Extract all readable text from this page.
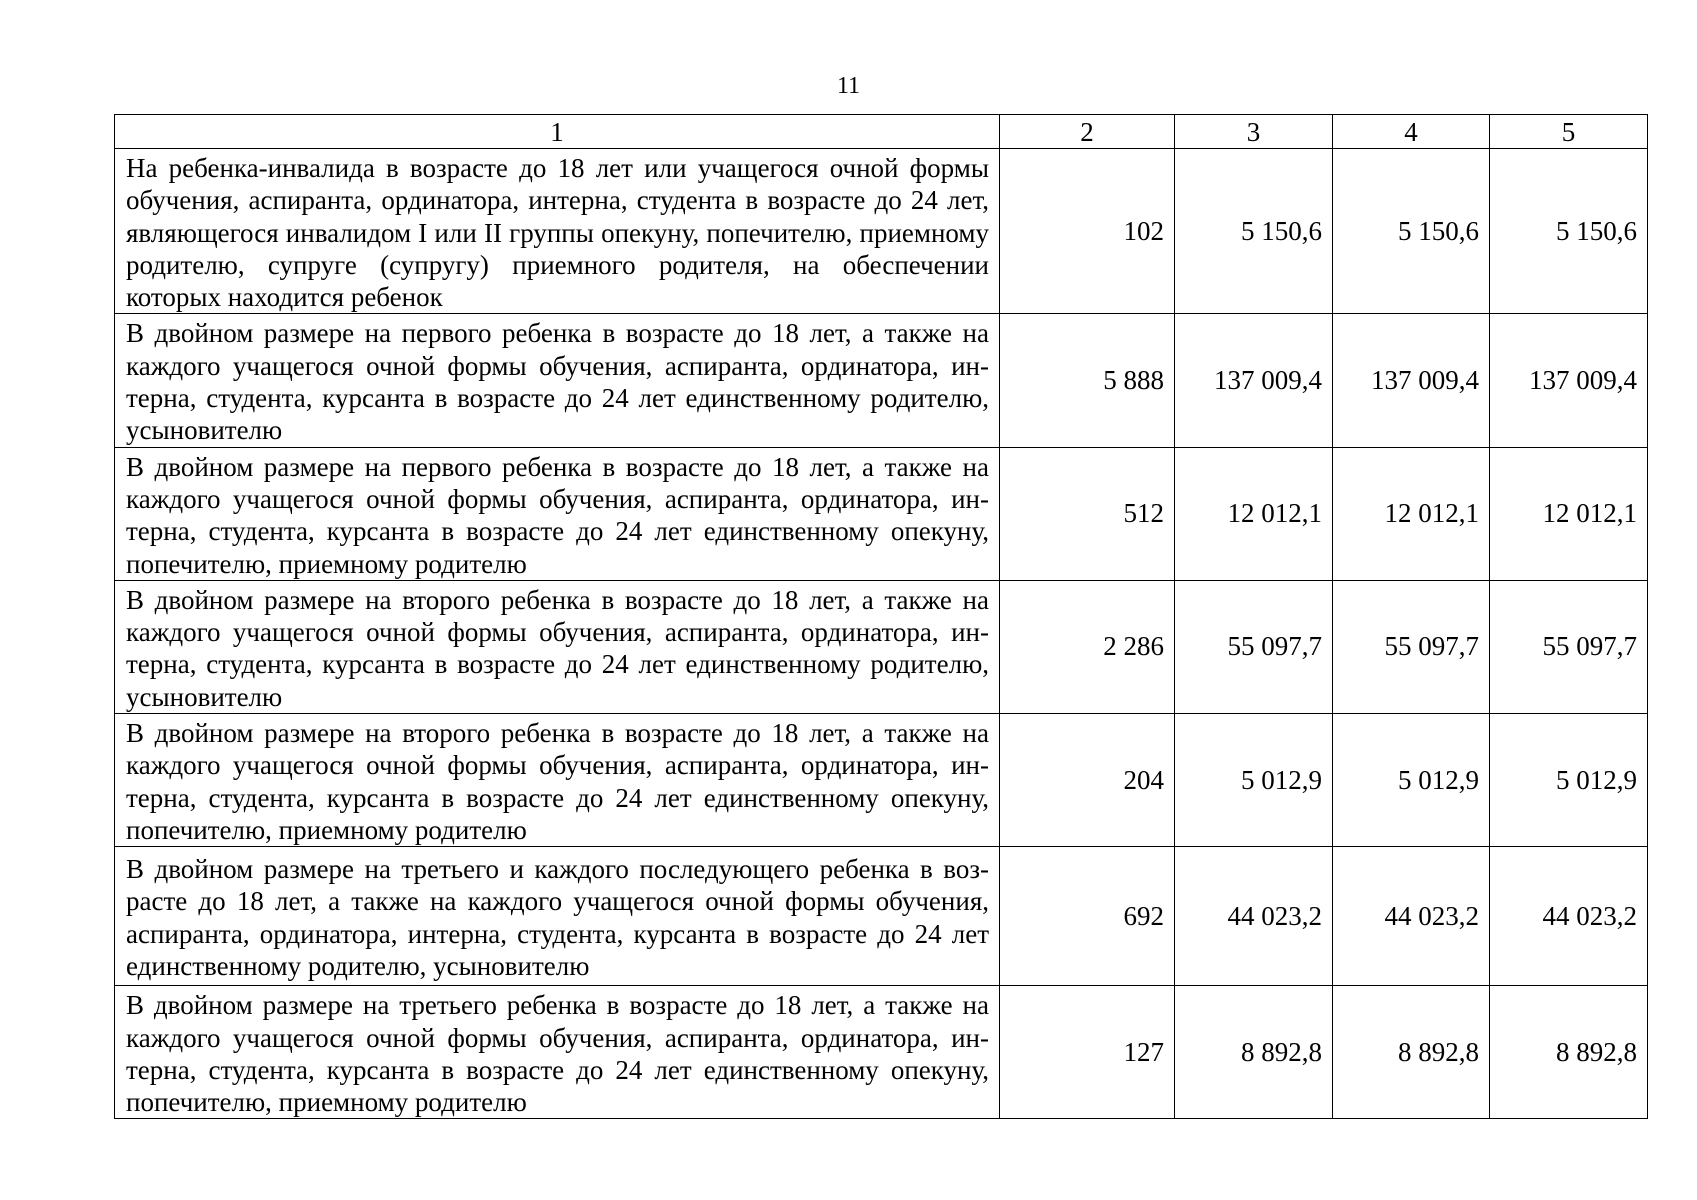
11
1	2	3	4	5
На ребенка-инвалида в возрасте до 18 лет или учащегося очной формы обучения, аспиранта, ординатора, интерна, студента в возрасте до 24 лет, являющегося инвалидом I или II группы опекуну, попечителю, приемному родителю, супруге (супругу) приемного родителя, на обеспечении которых находится ребенок	102	5 150,6	5 150,6	5 150,6
В двойном размере на первого ребенка в возрасте до 18 лет, а также на каждого учащегося очной формы обучения, аспиранта, ординатора, интерна, студента, курсанта в возрасте до 24 лет единственному родителю, усыновителю	5 888	137 009,4	137 009,4	137 009,4
В двойном размере на первого ребенка в возрасте до 18 лет, а также на каждого учащегося очной формы обучения, аспиранта, ординатора, интерна, студента, курсанта в возрасте до 24 лет единственному опекуну, попечителю, приемному родителю	512	12 012,1	12 012,1	12 012,1
В двойном размере на второго ребенка в возрасте до 18 лет, а также на каждого учащегося очной формы обучения, аспиранта, ординатора, интерна, студента, курсанта в возрасте до 24 лет единственному родителю, усыновителю	2 286	55 097,7	55 097,7	55 097,7
В двойном размере на второго ребенка в возрасте до 18 лет, а также на каждого учащегося очной формы обучения, аспиранта, ординатора, интерна, студента, курсанта в возрасте до 24 лет единственному опекуну, попечителю, приемному родителю	204	5 012,9	5 012,9	5 012,9
В двойном размере на третьего и каждого последующего ребенка в возрасте до 18 лет, а также на каждого учащегося очной формы обучения, аспиранта, ординатора, интерна, студента, курсанта в возрасте до 24 лет единственному родителю, усыновителю	692	44 023,2	44 023,2	44 023,2
В двойном размере на третьего ребенка в возрасте до 18 лет, а также на каждого учащегося очной формы обучения, аспиранта, ординатора, интерна, студента, курсанта в возрасте до 24 лет единственному опекуну, попечителю, приемному родителю	127	8 892,8	8 892,8	8 892,8
